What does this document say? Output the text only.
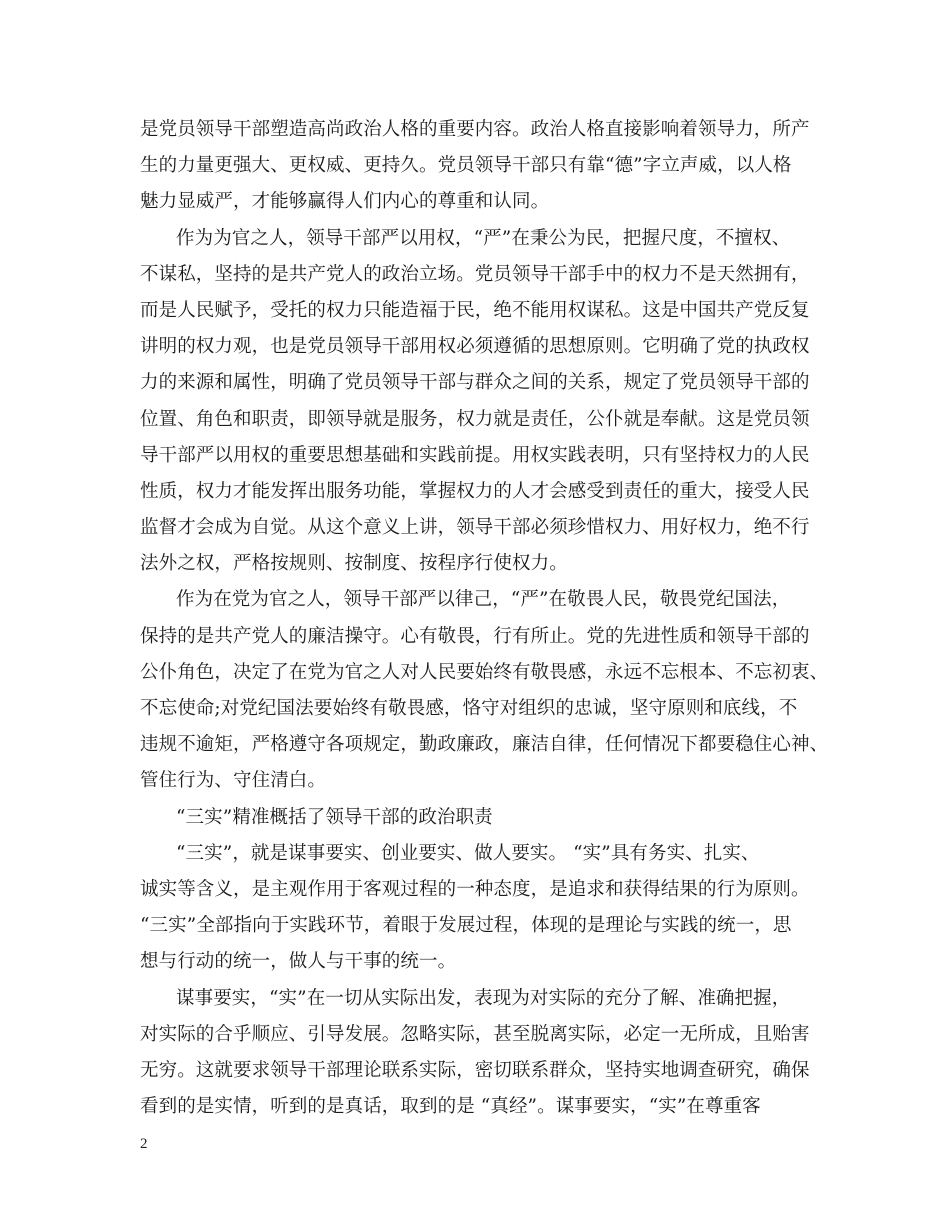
是党员领导干部塑造高尚政治人格的重要内容。政治人格直接影响着领导力，所产
生的力量更强大、更权威、更持久。党员领导干部只有靠“德”字立声威，以人格
魅力显威严，才能够赢得人们内心的尊重和认同。
作为为官之人，领导干部严以用权，“严”在秉公为民，把握尺度，不擅权、
不谋私，坚持的是共产党人的政治立场。党员领导干部手中的权力不是天然拥有，
而是人民赋予，受托的权力只能造福于民，绝不能用权谋私。这是中国共产党反复
讲明的权力观，也是党员领导干部用权必须遵循的思想原则。它明确了党的执政权
力的来源和属性，明确了党员领导干部与群众之间的关系，规定了党员领导干部的
位置、角色和职责，即领导就是服务，权力就是责任，公仆就是奉献。这是党员领
导干部严以用权的重要思想基础和实践前提。用权实践表明，只有坚持权力的人民
性质，权力才能发挥出服务功能，掌握权力的人才会感受到责任的重大，接受人民
监督才会成为自觉。从这个意义上讲，领导干部必须珍惜权力、用好权力，绝不行
法外之权，严格按规则、按制度、按程序行使权力。
作为在党为官之人，领导干部严以律己，“严”在敬畏人民，敬畏党纪国法，
保持的是共产党人的廉洁操守。心有敬畏，行有所止。党的先进性质和领导干部的
公仆角色，决定了在党为官之人对人民要始终有敬畏感，永远不忘根本、不忘初衷、
不忘使命;对党纪国法要始终有敬畏感，恪守对组织的忠诚，坚守原则和底线，不
违规不逾矩，严格遵守各项规定，勤政廉政，廉洁自律，任何情况下都要稳住心神、
管住行为、守住清白。
“三实”精准概括了领导干部的政治职责
“三实”，就是谋事要实、创业要实、做人要实。 “实”具有务实、扎实、
诚实等含义，是主观作用于客观过程的一种态度，是追求和获得结果的行为原则。
“三实”全部指向于实践环节，着眼于发展过程，体现的是理论与实践的统一，思
想与行动的统一，做人与干事的统一。
谋事要实，“实”在一切从实际出发，表现为对实际的充分了解、准确把握，
对实际的合乎顺应、引导发展。忽略实际，甚至脱离实际，必定一无所成，且贻害
无穷。这就要求领导干部理论联系实际，密切联系群众，坚持实地调查研究，确保
看到的是实情，听到的是真话，取到的是 “真经”。谋事要实，“实”在尊重客
2
